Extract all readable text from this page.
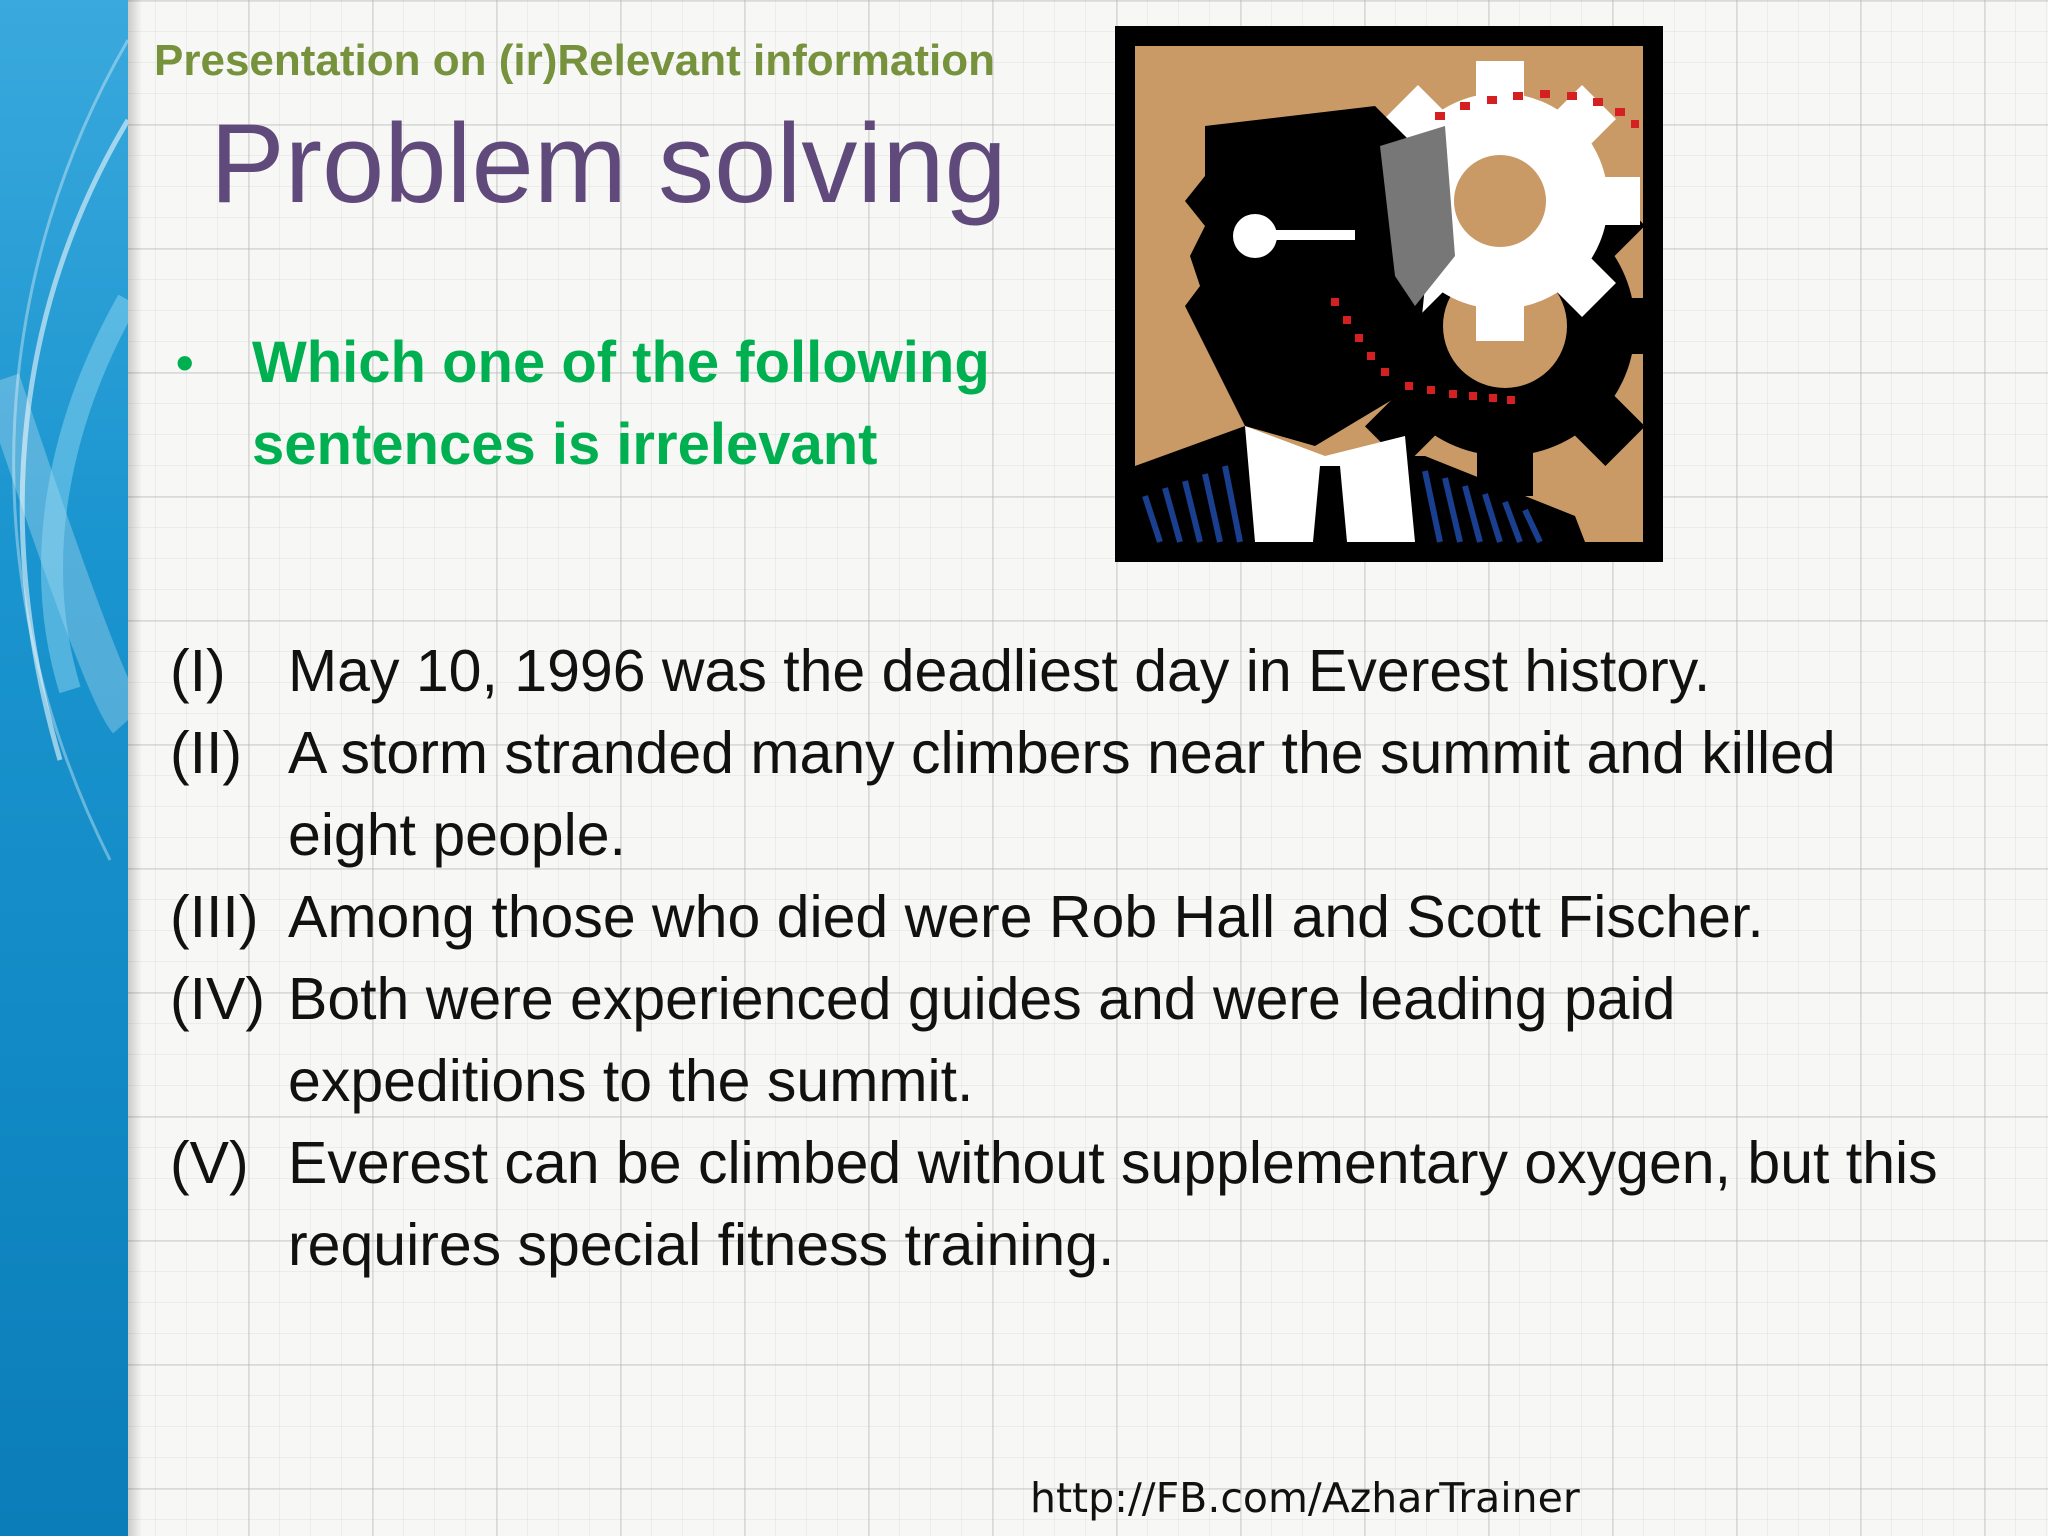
Presentation on (ir)Relevant information
Problem solving
• Which one of the following sentences is irrelevant
(I) May 10, 1996 was the deadliest day in Everest history.
(II) A storm stranded many climbers near the summit and killed eight people.
(III) Among those who died were Rob Hall and Scott Fischer.
(IV) Both were experienced guides and were leading paid expeditions to the summit.
(V) Everest can be climbed without supplementary oxygen, but this requires special fitness training.
http://FB.com/AzharTrainer
